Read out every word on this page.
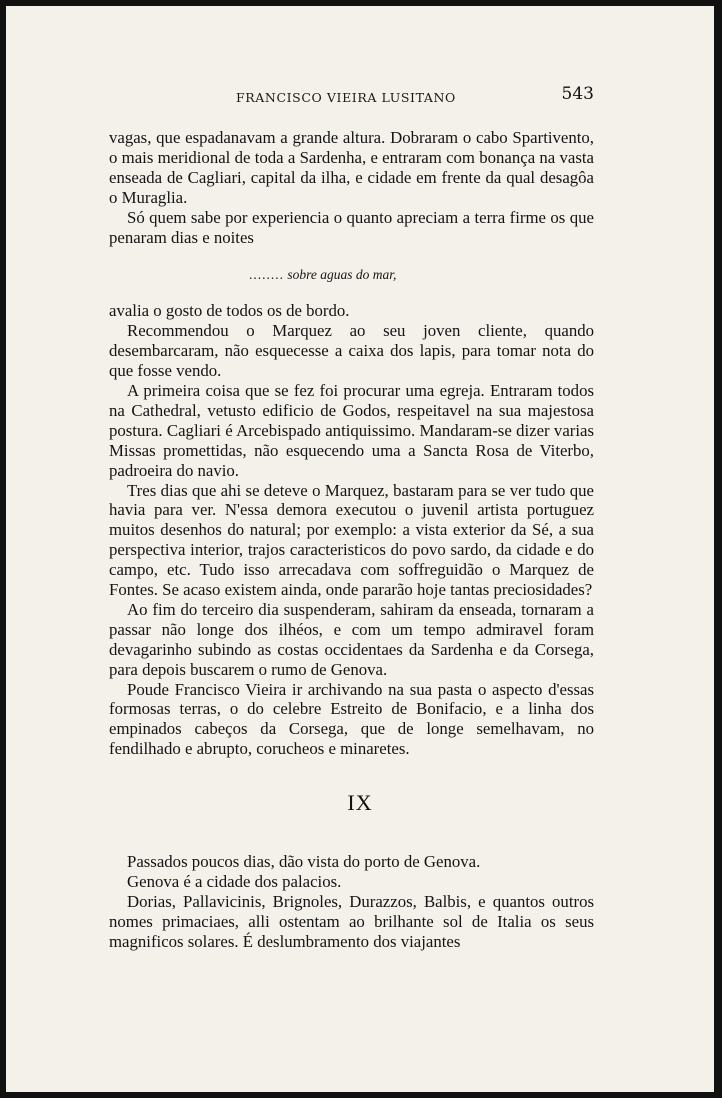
FRANCISCO VIEIRA LUSITANO	543

vagas, que espadanavam a grande altura. Dobraram o cabo Spartivento, o mais meridional de toda a Sardenha, e entraram com bonança na vasta enseada de Cagliari, capital da ilha, e cidade em frente da qual desagôa o Muraglia.

Só quem sabe por experiencia o quanto apreciam a terra firme os que penaram dias e noites

........ sobre aguas do mar,

avalia o gosto de todos os de bordo.

Recommendou o Marquez ao seu joven cliente, quando desembarcaram, não esquecesse a caixa dos lapis, para tomar nota do que fosse vendo.

A primeira coisa que se fez foi procurar uma egreja. Entraram todos na Cathedral, vetusto edificio de Godos, respeitavel na sua majestosa postura. Cagliari é Arcebispado antiquissimo. Mandaram-se dizer varias Missas promettidas, não esquecendo uma a Sancta Rosa de Viterbo, padroeira do navio.

Tres dias que ahi se deteve o Marquez, bastaram para se ver tudo que havia para ver. N'essa demora executou o juvenil artista portuguez muitos desenhos do natural; por exemplo: a vista exterior da Sé, a sua perspectiva interior, trajos caracteristicos do povo sardo, da cidade e do campo, etc. Tudo isso arrecadava com soffreguidão o Marquez de Fontes. Se acaso existem ainda, onde pararão hoje tantas preciosidades?

Ao fim do terceiro dia suspenderam, sahiram da enseada, tornaram a passar não longe dos ilhéos, e com um tempo admiravel foram devagarinho subindo as costas occidentaes da Sardenha e da Corsega, para depois buscarem o rumo de Genova.

Poude Francisco Vieira ir archivando na sua pasta o aspecto d'essas formosas terras, o do celebre Estreito de Bonifacio, e a linha dos empinados cabeços da Corsega, que de longe semelhavam, no fendilhado e abrupto, corucheos e minaretes.

IX

Passados poucos dias, dão vista do porto de Genova.

Genova é a cidade dos palacios.

Dorias, Pallavicinis, Brignoles, Durazzos, Balbis, e quantos outros nomes primaciaes, alli ostentam ao brilhante sol de Italia os seus magnificos solares. É deslumbramento dos viajantes
